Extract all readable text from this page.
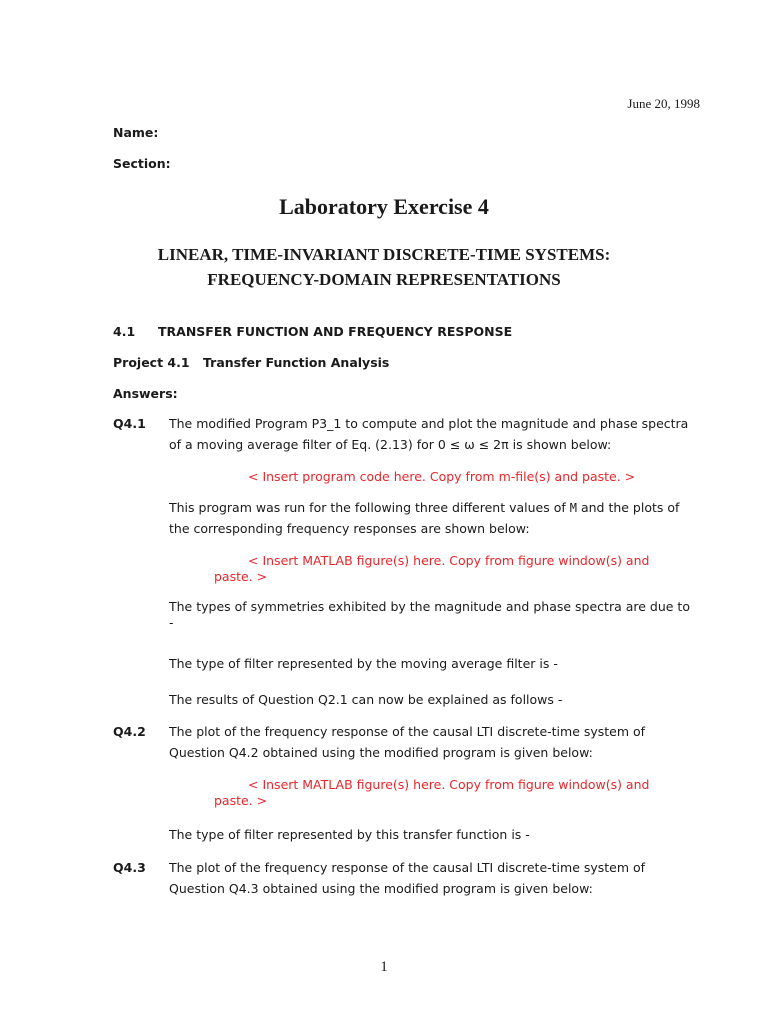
June 20, 1998
Name:
Section:
Laboratory Exercise 4
LINEAR, TIME-INVARIANT DISCRETE-TIME SYSTEMS:
FREQUENCY-DOMAIN REPRESENTATIONS
4.1 TRANSFER FUNCTION AND FREQUENCY RESPONSE
Project 4.1 Transfer Function Analysis
Answers:
Q4.1 The modified Program P3_1 to compute and plot the magnitude and phase spectra
of a moving average filter of Eq. (2.13) for 0 ≤ ω ≤ 2π is shown below:
< Insert program code here. Copy from m-file(s) and paste. >
This program was run for the following three different values of M and the plots of
the corresponding frequency responses are shown below:
< Insert MATLAB figure(s) here. Copy from figure window(s) and
paste. >
The types of symmetries exhibited by the magnitude and phase spectra are due to
-
The type of filter represented by the moving average filter is -
The results of Question Q2.1 can now be explained as follows -
Q4.2 The plot of the frequency response of the causal LTI discrete-time system of
Question Q4.2 obtained using the modified program is given below:
< Insert MATLAB figure(s) here. Copy from figure window(s) and
paste. >
The type of filter represented by this transfer function is -
Q4.3 The plot of the frequency response of the causal LTI discrete-time system of
Question Q4.3 obtained using the modified program is given below:
1
